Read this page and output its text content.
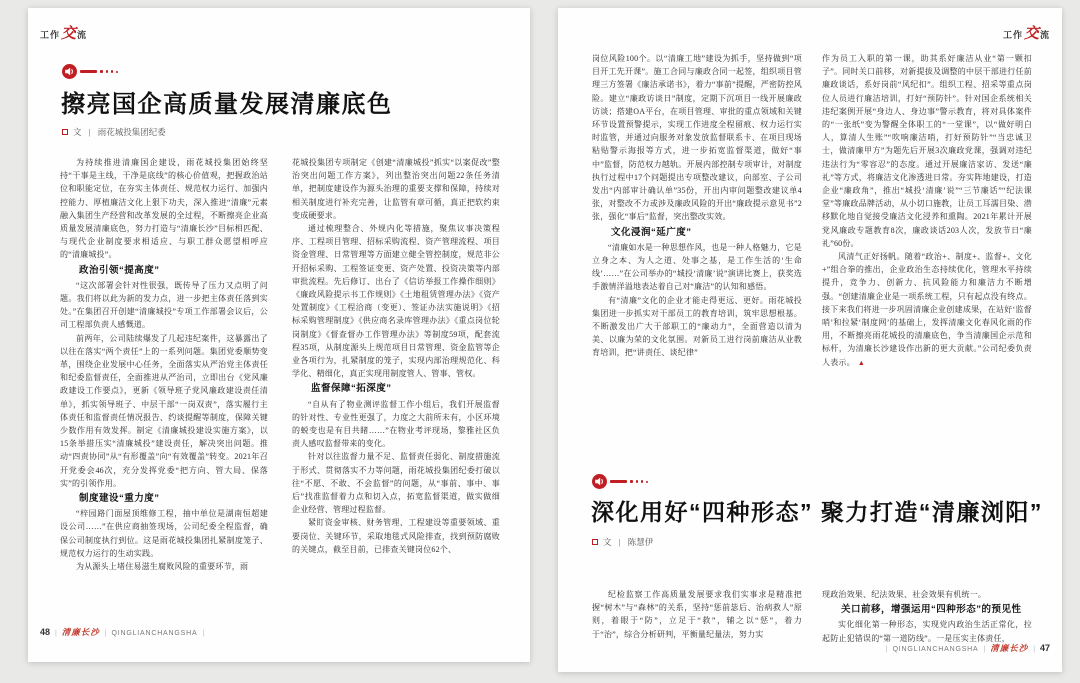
工作交流
擦亮国企高质量发展清廉底色
文 | 雨花城投集团纪委

为持续推进清廉国企建设，雨花城投集团始终坚持“干事是主线，干净是底线”的核心价值观，把握政治站位和职能定位，在夯实主体责任、规范权力运行、加强内控能力、厚植廉洁文化上狠下功夫，深入推进“清廉”元素融入集团生产经营和改革发展的全过程，不断擦亮企业高质量发展清廉底色，努力打造与“清廉长沙”目标相匹配、与现代企业制度要求相适应、与职工群众愿望相呼应的“清廉城投”。

政治引领“提高度”

“这次部署会针对性很强，既传导了压力又点明了问题。我们将以此为新的发力点，进一步把主体责任落到实处。”在集团召开创建“清廉城投”专项工作部署会议后，公司工程部负责人感慨道。

前两年，公司陆续爆发了几起违纪案件，这暴露出了以往在落实“两个责任”上的一系列问题。集团党委顺势变革，围绕企业发展中心任务，全面落实从严治党主体责任和纪委监督责任，全面推进从严治司，立即出台《党风廉政建设工作要点》，更新《领导班子党风廉政建设责任清单》，抓实领导班子、中层干部“一岗双责”，落实履行主体责任和监督责任情况报告、约谈提醒等制度，保障关键少数作用有效发挥。制定《清廉城投建设实施方案》，以15条举措压实“清廉城投”建设责任，解决突出问题。推动“四责协同”从“有形覆盖”向“有效覆盖”转变。2021年召开党委会46次，充分发挥党委“把方向、管大局、保落实”的引领作用。

制度建设“重力度”

“梓园路门面屋顶维修工程，抽中单位是湖南恒超建设公司……”在供应商抽签现场，公司纪委全程监督，确保公司制度执行到位。这是雨花城投集团扎紧制度笼子、规范权力运行的生动实践。

为从源头上堵住易滋生腐败风险的重要环节，雨

花城投集团专项制定《创建“清廉城投”抓实“以案促改”整治突出问题工作方案》，列出整治突出问题22条任务清单，把制度建设作为源头治理的重要支撑和保障，持续对相关制度进行补充完善，让监管有章可循，真正把软约束变成硬要求。

通过梳理整合、外规内化等措施，聚焦议事决策程序、工程项目管理、招标采购流程、资产管理流程、项目资金管理、日常管理等方面建立健全管控制度，规范非公开招标采购、工程签证变更、资产处置、投资决策等内部审批流程。先后修订、出台了《信访举报工作操作细则》《廉政风险提示书工作规则》《土地租赁管理办法》《资产处置制度》《工程洽商（变更）、签证办法实施说明》《招标采购管理制度》《供应商名录库管理办法》《重点岗位轮岗制度》《督查督办工作管理办法》等制度59项，配套流程35项，从制度源头上规范项目日常管理、资金监管等企业各项行为，扎紧制度的笼子，实现内部治理规范化、科学化、精细化，真正实现用制度管人、管事、管权。

监督保障“拓深度”

“自从有了物业测评监督工作小组后，我们开展监督的针对性、专业性更强了，力度之大前所未有，小区环境的蜕变也是有目共睹……”在物业考评现场，黎雅社区负责人感叹监督带来的变化。

针对以往监督力量不足、监督责任弱化、制度措施流于形式、贯彻落实不力等问题，雨花城投集团纪委打破以往“不愿、不敢、不会监督”的问题，从“事前、事中、事后”找准监督着力点和切入点，拓宽监督渠道，做实做细企业经营、管理过程监督。

紧盯资金审核、财务管理、工程建设等重要领域、重要岗位、关键环节，采取地毯式风险排查，找到预防腐败的关键点，截至目前，已排查关键岗位62个、

48 | 清廉长沙 | QINGLIANCHANGSHA |
工作交流

岗位风险100个。以“清廉工地”建设为抓手，坚持做到“项目开工先开课”。施工合同与廉政合同一起签，组织项目管理三方签署《廉洁承诺书》，着力“事前”提醒，严密防控风险。建立“廉政访谈日”制度，定期下沉项目一线开展廉政访谈；搭建OA平台，在项目管理、审批的重点领域和关键环节设置预警提示，实现工作进度全程留痕、权力运行实时监管，并通过向服务对象发放监督联系卡、在项目现场粘贴警示海报等方式，进一步拓宽监督渠道，做好“事中”监督，防范权力越轨。开展内部控制专项审计，对制度执行过程中17个问题提出专项整改建议，向部室、子公司发出“内部审计确认单”35份，开出内审问题整改建议单4张，对整改不力或涉及廉政风险的开出“廉政提示意见书”2张，强化“事后”监督，突出整改实效。

文化浸润“延广度”

“清廉如水是一种思想作风，也是一种人格魅力，它是立身之本、为人之道、处事之基，是工作生活的‘生命线’……”在公司举办的“城投‘清廉’说”演讲比赛上，获奖选手激情洋溢地表达着自己对“廉洁”的认知和感悟。

有“清廉”文化的企业才能走得更远、更好。雨花城投集团进一步抓实对干部员工的教育培训，筑牢思想根基。不断激发出广大干部职工的“廉动力”，全面营造以清为美、以廉为荣的文化氛围。对新员工进行岗前廉洁从业教育培训，把“讲责任、谈纪律”

作为员工入职的第一课，助其系好廉洁从业“第一颗扣子”。同时关口前移，对新提拔及调整的中层干部进行任前廉政谈话，系好岗前“风纪扣”。组织工程、招采等重点岗位人员进行廉洁培训，打好“预防针”。针对国企系统相关违纪案例开展“身边人、身边事”警示教育，将对具体案件的“一张纸”变为警醒全体职工的“一堂课”，以“做好明白人，算清人生账”“吹响廉洁哨，打好预防针”“当忠诚卫士，做清廉甲方”为题先后开展3次廉政党课，强调对违纪违法行为“零容忍”的态度。通过开展廉洁家访、发送“廉礼”等方式，将廉洁文化渗透进日常。夯实阵地建设，打造企业“廉政角”，推出“城投‘清廉’说”“三节廉话”“纪法课堂”等廉政品牌活动，从小切口施教，让员工耳濡目染、潜移默化地自觉接受廉洁文化浸养和熏陶。2021年累计开展党风廉政专题教育8次，廉政谈话203人次，发放节日“廉礼”60份。

风清气正好扬帆。随着“政治+、制度+、监督+、文化+”组合拳的推出，企业政治生态持续优化，管理水平持续提升，竞争力、创新力、抗风险能力和廉洁力不断增强。“创建清廉企业是一项系统工程，只有起点没有终点。接下来我们将进一步巩固清廉企业创建成果，在站好‘监督哨’和拉紧‘制度网’的基础上，发挥清廉文化春风化雨的作用，不断擦亮雨花城投的清廉底色，争当清廉国企示范和标杆，为清廉长沙建设作出新的更大贡献。”公司纪委负责人表示。 ▲

深化用好“四种形态” 聚力打造“清廉浏阳”
文 | 陈慧伊

纪检监察工作高质量发展要求我们实事求是精准把握“树木”与“森林”的关系，坚持“惩前毖后、治病救人”原则，着眼于“防”，立足于“救”，辅之以“惩”，着力于“治”，综合分析研判，平衡量纪量法，努力实

现政治效果、纪法效果、社会效果有机统一。

关口前移，增强运用“四种形态”的预见性

实化细化第一种形态，实现党内政治生活正常化，拉起防止犯错误的“第一道防线”。一是压实主体责任，

| QINGLIANCHANGSHA | 清廉长沙 | 47
